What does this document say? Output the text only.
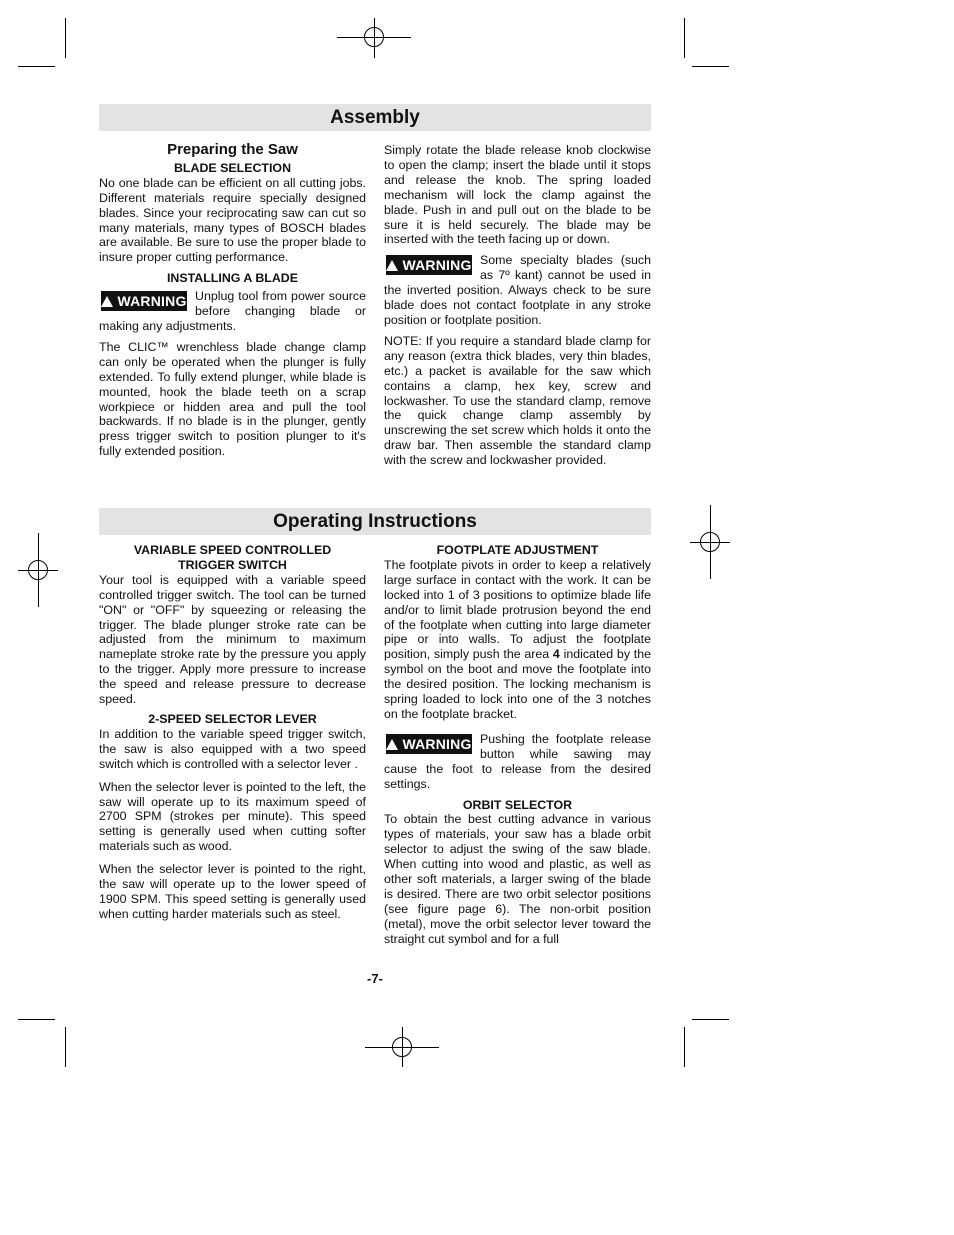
Assembly
Preparing the Saw
BLADE SELECTION

No one blade can be efficient on all cutting jobs. Different materials require specially designed blades. Since your reciprocating saw can cut so many materials, many types of BOSCH blades are available. Be sure to use the proper blade to insure proper cutting performance.

INSTALLING A BLADE

WARNING Unplug tool from power source before changing blade or making any adjustments.

The CLIC™ wrenchless blade change clamp can only be operated when the plunger is fully extended. To fully extend plunger, while blade is mounted, hook the blade teeth on a scrap workpiece or hidden area and pull the tool backwards. If no blade is in the plunger, gently press trigger switch to position plunger to it's fully extended position.

Simply rotate the blade release knob clockwise to open the clamp; insert the blade until it stops and release the knob. The spring loaded mechanism will lock the clamp against the blade. Push in and pull out on the blade to be sure it is held securely. The blade may be inserted with the teeth facing up or down.

WARNING Some specialty blades (such as 7º kant) cannot be used in the inverted position. Always check to be sure blade does not contact footplate in any stroke position or footplate position.

NOTE: If you require a standard blade clamp for any reason (extra thick blades, very thin blades, etc.) a packet is available for the saw which contains a clamp, hex key, screw and lockwasher. To use the standard clamp, remove the quick change clamp assembly by unscrewing the set screw which holds it onto the draw bar. Then assemble the standard clamp with the screw and lockwasher provided.

Operating Instructions
VARIABLE SPEED CONTROLLED
TRIGGER SWITCH

Your tool is equipped with a variable speed controlled trigger switch. The tool can be turned "ON" or "OFF" by squeezing or releasing the trigger. The blade plunger stroke rate can be adjusted from the minimum to maximum nameplate stroke rate by the pressure you apply to the trigger. Apply more pressure to increase the speed and release pressure to decrease speed.

2-SPEED SELECTOR LEVER

In addition to the variable speed trigger switch, the saw is also equipped with a two speed switch which is controlled with a selector lever .

When the selector lever is pointed to the left, the saw will operate up to its maximum speed of 2700 SPM (strokes per minute). This speed setting is generally used when cutting softer materials such as wood.

When the selector lever is pointed to the right, the saw will operate up to the lower speed of 1900 SPM. This speed setting is generally used when cutting harder materials such as steel.

FOOTPLATE ADJUSTMENT

The footplate pivots in order to keep a relatively large surface in contact with the work. It can be locked into 1 of 3 positions to optimize blade life and/or to limit blade protrusion beyond the end of the footplate when cutting into large diameter pipe or into walls. To adjust the footplate position, simply push the area 4 indicated by the symbol on the boot and move the footplate into the desired position. The locking mechanism is spring loaded to lock into one of the 3 notches on the footplate bracket.

WARNING Pushing the footplate release button while sawing may cause the foot to release from the desired settings.

ORBIT SELECTOR

To obtain the best cutting advance in various types of materials, your saw has a blade orbit selector to adjust the swing of the saw blade. When cutting into wood and plastic, as well as other soft materials, a larger swing of the blade is desired. There are two orbit selector positions (see figure page 6). The non-orbit position (metal), move the orbit selector lever toward the straight cut symbol and for a full

-7-
